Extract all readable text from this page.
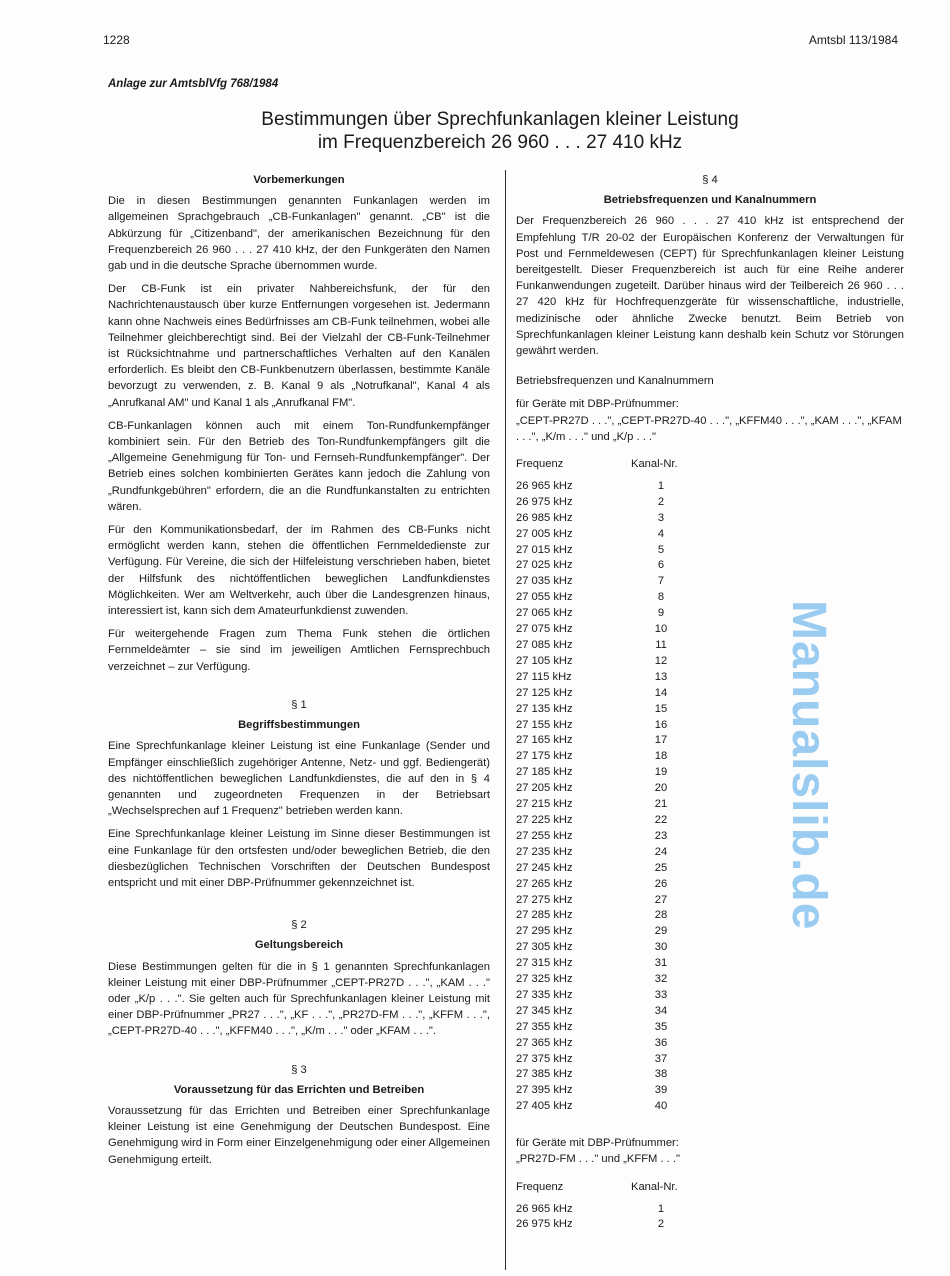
1228	Amtsbl 113/1984
Anlage zur AmtsblVfg 768/1984
Bestimmungen über Sprechfunkanlagen kleiner Leistung
im Frequenzbereich 26 960 . . . 27 410 kHz
Vorbemerkungen

Die in diesen Bestimmungen genannten Funkanlagen werden im allgemeinen Sprachgebrauch „CB-Funkanlagen" genannt. „CB" ist die Abkürzung für „Citizenband", der amerikanischen Bezeichnung für den Frequenzbereich 26 960 . . . 27 410 kHz, der den Funkgeräten den Namen gab und in die deutsche Sprache übernommen wurde.

Der CB-Funk ist ein privater Nahbereichsfunk, der für den Nachrichtenaustausch über kurze Entfernungen vorgesehen ist. Jedermann kann ohne Nachweis eines Bedürfnisses am CB-Funk teilnehmen, wobei alle Teilnehmer gleichberechtigt sind. Bei der Vielzahl der CB-Funk-Teilnehmer ist Rücksichtnahme und partnerschaftliches Verhalten auf den Kanälen erforderlich. Es bleibt den CB-Funkbenutzern überlassen, bestimmte Kanäle bevorzugt zu verwenden, z. B. Kanal 9 als „Notrufkanal", Kanal 4 als „Anrufkanal AM" und Kanal 1 als „Anrufkanal FM".

CB-Funkanlagen können auch mit einem Ton-Rundfunkempfänger kombiniert sein. Für den Betrieb des Ton-Rundfunkempfängers gilt die „Allgemeine Genehmigung für Ton- und Fernseh-Rundfunkempfänger". Der Betrieb eines solchen kombinierten Gerätes kann jedoch die Zahlung von „Rundfunkgebühren" erfordern, die an die Rundfunkanstalten zu entrichten wären.

Für den Kommunikationsbedarf, der im Rahmen des CB-Funks nicht ermöglicht werden kann, stehen die öffentlichen Fernmeldedienste zur Verfügung. Für Vereine, die sich der Hilfeleistung verschrieben haben, bietet der Hilfsfunk des nichtöffentlichen beweglichen Landfunkdienstes Möglichkeiten. Wer am Weltverkehr, auch über die Landesgrenzen hinaus, interessiert ist, kann sich dem Amateurfunkdienst zuwenden.

Für weitergehende Fragen zum Thema Funk stehen die örtlichen Fernmeldeämter – sie sind im jeweiligen Amtlichen Fernsprechbuch verzeichnet – zur Verfügung.

§ 1
Begriffsbestimmungen

Eine Sprechfunkanlage kleiner Leistung ist eine Funkanlage (Sender und Empfänger einschließlich zugehöriger Antenne, Netz- und ggf. Bediengerät) des nichtöffentlichen beweglichen Landfunkdienstes, die auf den in § 4 genannten und zugeordneten Frequenzen in der Betriebsart „Wechselsprechen auf 1 Frequenz" betrieben werden kann.

Eine Sprechfunkanlage kleiner Leistung im Sinne dieser Bestimmungen ist eine Funkanlage für den ortsfesten und/oder beweglichen Betrieb, die den diesbezüglichen Technischen Vorschriften der Deutschen Bundespost entspricht und mit einer DBP-Prüfnummer gekennzeichnet ist.

§ 2
Geltungsbereich

Diese Bestimmungen gelten für die in § 1 genannten Sprechfunkanlagen kleiner Leistung mit einer DBP-Prüfnummer „CEPT-PR27D . . .", „KAM . . ." oder „K/p . . .". Sie gelten auch für Sprechfunkanlagen kleiner Leistung mit einer DBP-Prüfnummer „PR27 . . .", „KF . . .", „PR27D-FM . . .", „KFFM . . .", „CEPT-PR27D-40 . . .", „KFFM40 . . .", „K/m . . ." oder „KFAM . . .".

§ 3
Voraussetzung für das Errichten und Betreiben

Voraussetzung für das Errichten und Betreiben einer Sprechfunkanlage kleiner Leistung ist eine Genehmigung der Deutschen Bundespost. Eine Genehmigung wird in Form einer Einzelgenehmigung oder einer Allgemeinen Genehmigung erteilt.

§ 4
Betriebsfrequenzen und Kanalnummern

Der Frequenzbereich 26 960 . . . 27 410 kHz ist entsprechend der Empfehlung T/R 20-02 der Europäischen Konferenz der Verwaltungen für Post und Fernmeldewesen (CEPT) für Sprechfunkanlagen kleiner Leistung bereitgestellt. Dieser Frequenzbereich ist auch für eine Reihe anderer Funkanwendungen zugeteilt. Darüber hinaus wird der Teilbereich 26 960 . . . 27 420 kHz für Hochfrequenzgeräte für wissenschaftliche, industrielle, medizinische oder ähnliche Zwecke benutzt. Beim Betrieb von Sprechfunkanlagen kleiner Leistung kann deshalb kein Schutz vor Störungen gewährt werden.

Betriebsfrequenzen und Kanalnummern

für Geräte mit DBP-Prüfnummer:

„CEPT-PR27D . . .", „CEPT-PR27D-40 . . .", „KFFM40 . . .", „KAM . . .", „KFAM . . .", „K/m . . ." und „K/p . . ."

Frequenz	Kanal-Nr.
26 965 kHz	1
26 975 kHz	2
26 985 kHz	3
27 005 kHz	4
27 015 kHz	5
27 025 kHz	6
27 035 kHz	7
27 055 kHz	8
27 065 kHz	9
27 075 kHz	10
27 085 kHz	11
27 105 kHz	12
27 115 kHz	13
27 125 kHz	14
27 135 kHz	15
27 155 kHz	16
27 165 kHz	17
27 175 kHz	18
27 185 kHz	19
27 205 kHz	20
27 215 kHz	21
27 225 kHz	22
27 255 kHz	23
27 235 kHz	24
27 245 kHz	25
27 265 kHz	26
27 275 kHz	27
27 285 kHz	28
27 295 kHz	29
27 305 kHz	30
27 315 kHz	31
27 325 kHz	32
27 335 kHz	33
27 345 kHz	34
27 355 kHz	35
27 365 kHz	36
27 375 kHz	37
27 385 kHz	38
27 395 kHz	39
27 405 kHz	40

für Geräte mit DBP-Prüfnummer:

„PR27D-FM . . ." und „KFFM . . ."

Frequenz	Kanal-Nr.
26 965 kHz	1
26 975 kHz	2
Manualslib.de
